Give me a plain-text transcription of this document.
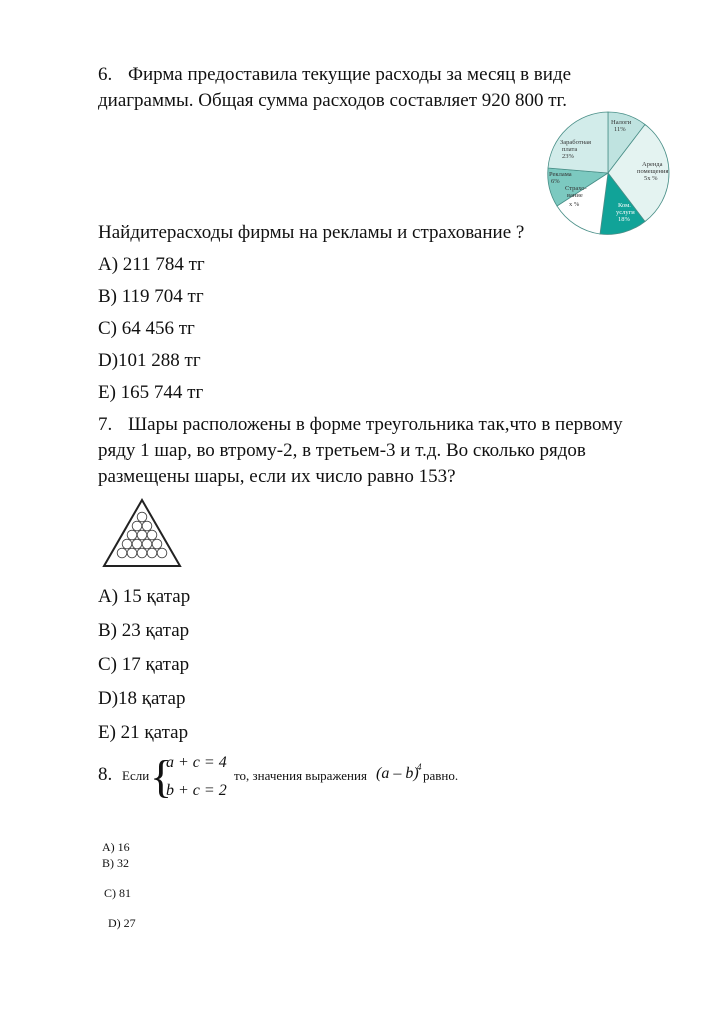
6. Фирма предоставила текущие расходы за месяц в виде
диаграммы. Общая сумма расходов составляет 920 800 тг.
Налоги
11%
Аренда
помещения
5х %
Ком.
услуги
18%
Страхо-
вание
х %
Реклама
6%
Заработная
плата
23%
Найдитерасходы фирмы на рекламы и страхование ?
A) 211 784 тг
B) 119 704 тг
C) 64 456 тг
D)101 288 тг
E) 165 744 тг
7. Шары расположены в форме треугольника так,что в первому
ряду 1 шар, во втрому-2, в третьем-3 и т.д. Во сколько рядов
размещены шары, если их число равно 153?
A) 15 қатар
B) 23 қатар
C) 17 қатар
D)18 қатар
E) 21 қатар
8. Если {
a + c = 4
b + c = 2
то, значения выражения (a – b)
4
равно.
A) 16
B) 32
C) 81
D) 27
